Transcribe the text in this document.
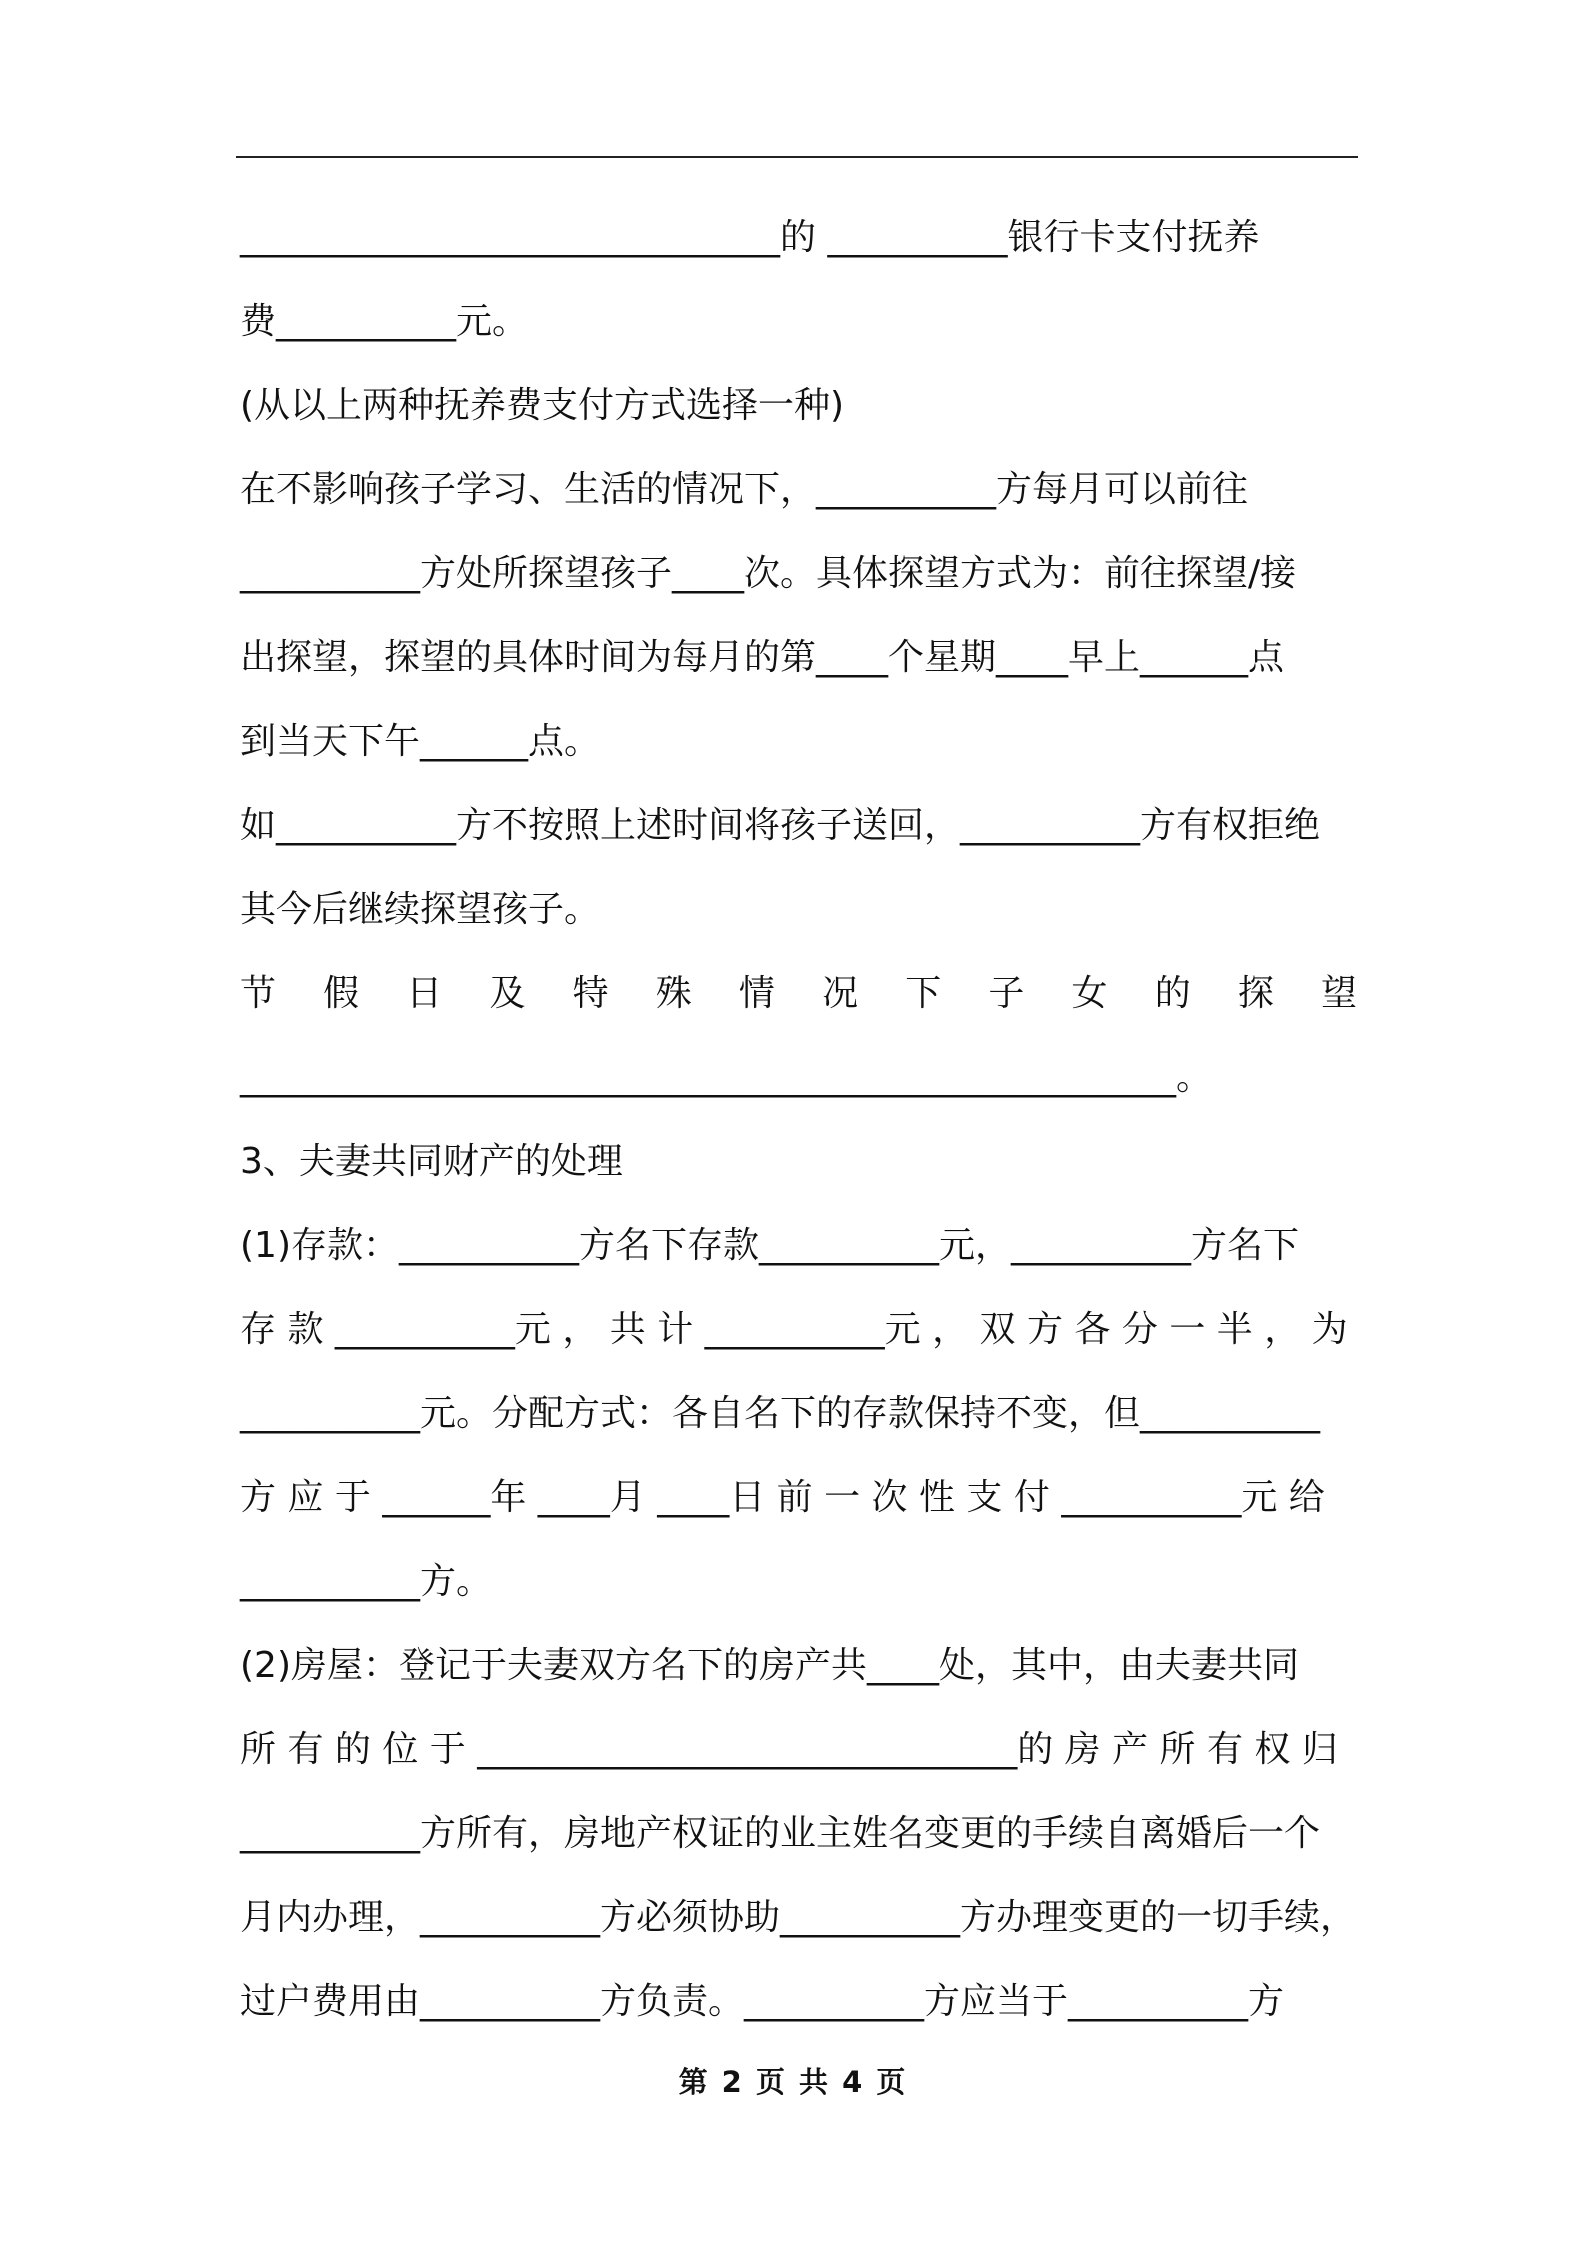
______________________________的 __________银行卡支付抚养
费__________元。
(从以上两种抚养费支付方式选择一种)
在不影响孩子学习、生活的情况下，__________方每月可以前往
__________方处所探望孩子____次。具体探望方式为：前往探望/接
出探望，探望的具体时间为每月的第____个星期____早上______点
到当天下午______点。
如__________方不按照上述时间将孩子送回，__________方有权拒绝
其今后继续探望孩子。
节 假 日 及 特 殊 情 况 下 子 女 的 探 望
____________________________________________________。
3、夫妻共同财产的处理
(1)存款：__________方名下存款__________元，__________方名下
存 款 __________元 ， 共 计 __________元 ， 双 方 各 分 一 半 ， 为
__________元。分配方式：各自名下的存款保持不变，但__________
方 应 于 ______年 ____月 ____日 前 一 次 性 支 付 __________元 给
__________方。
(2)房屋：登记于夫妻双方名下的房产共____处，其中，由夫妻共同
所 有 的 位 于 ______________________________的 房 产 所 有 权 归
__________方所有，房地产权证的业主姓名变更的手续自离婚后一个
月内办理，__________方必须协助__________方办理变更的一切手续，
过户费用由__________方负责。__________方应当于__________方
第 2 页 共 4 页
